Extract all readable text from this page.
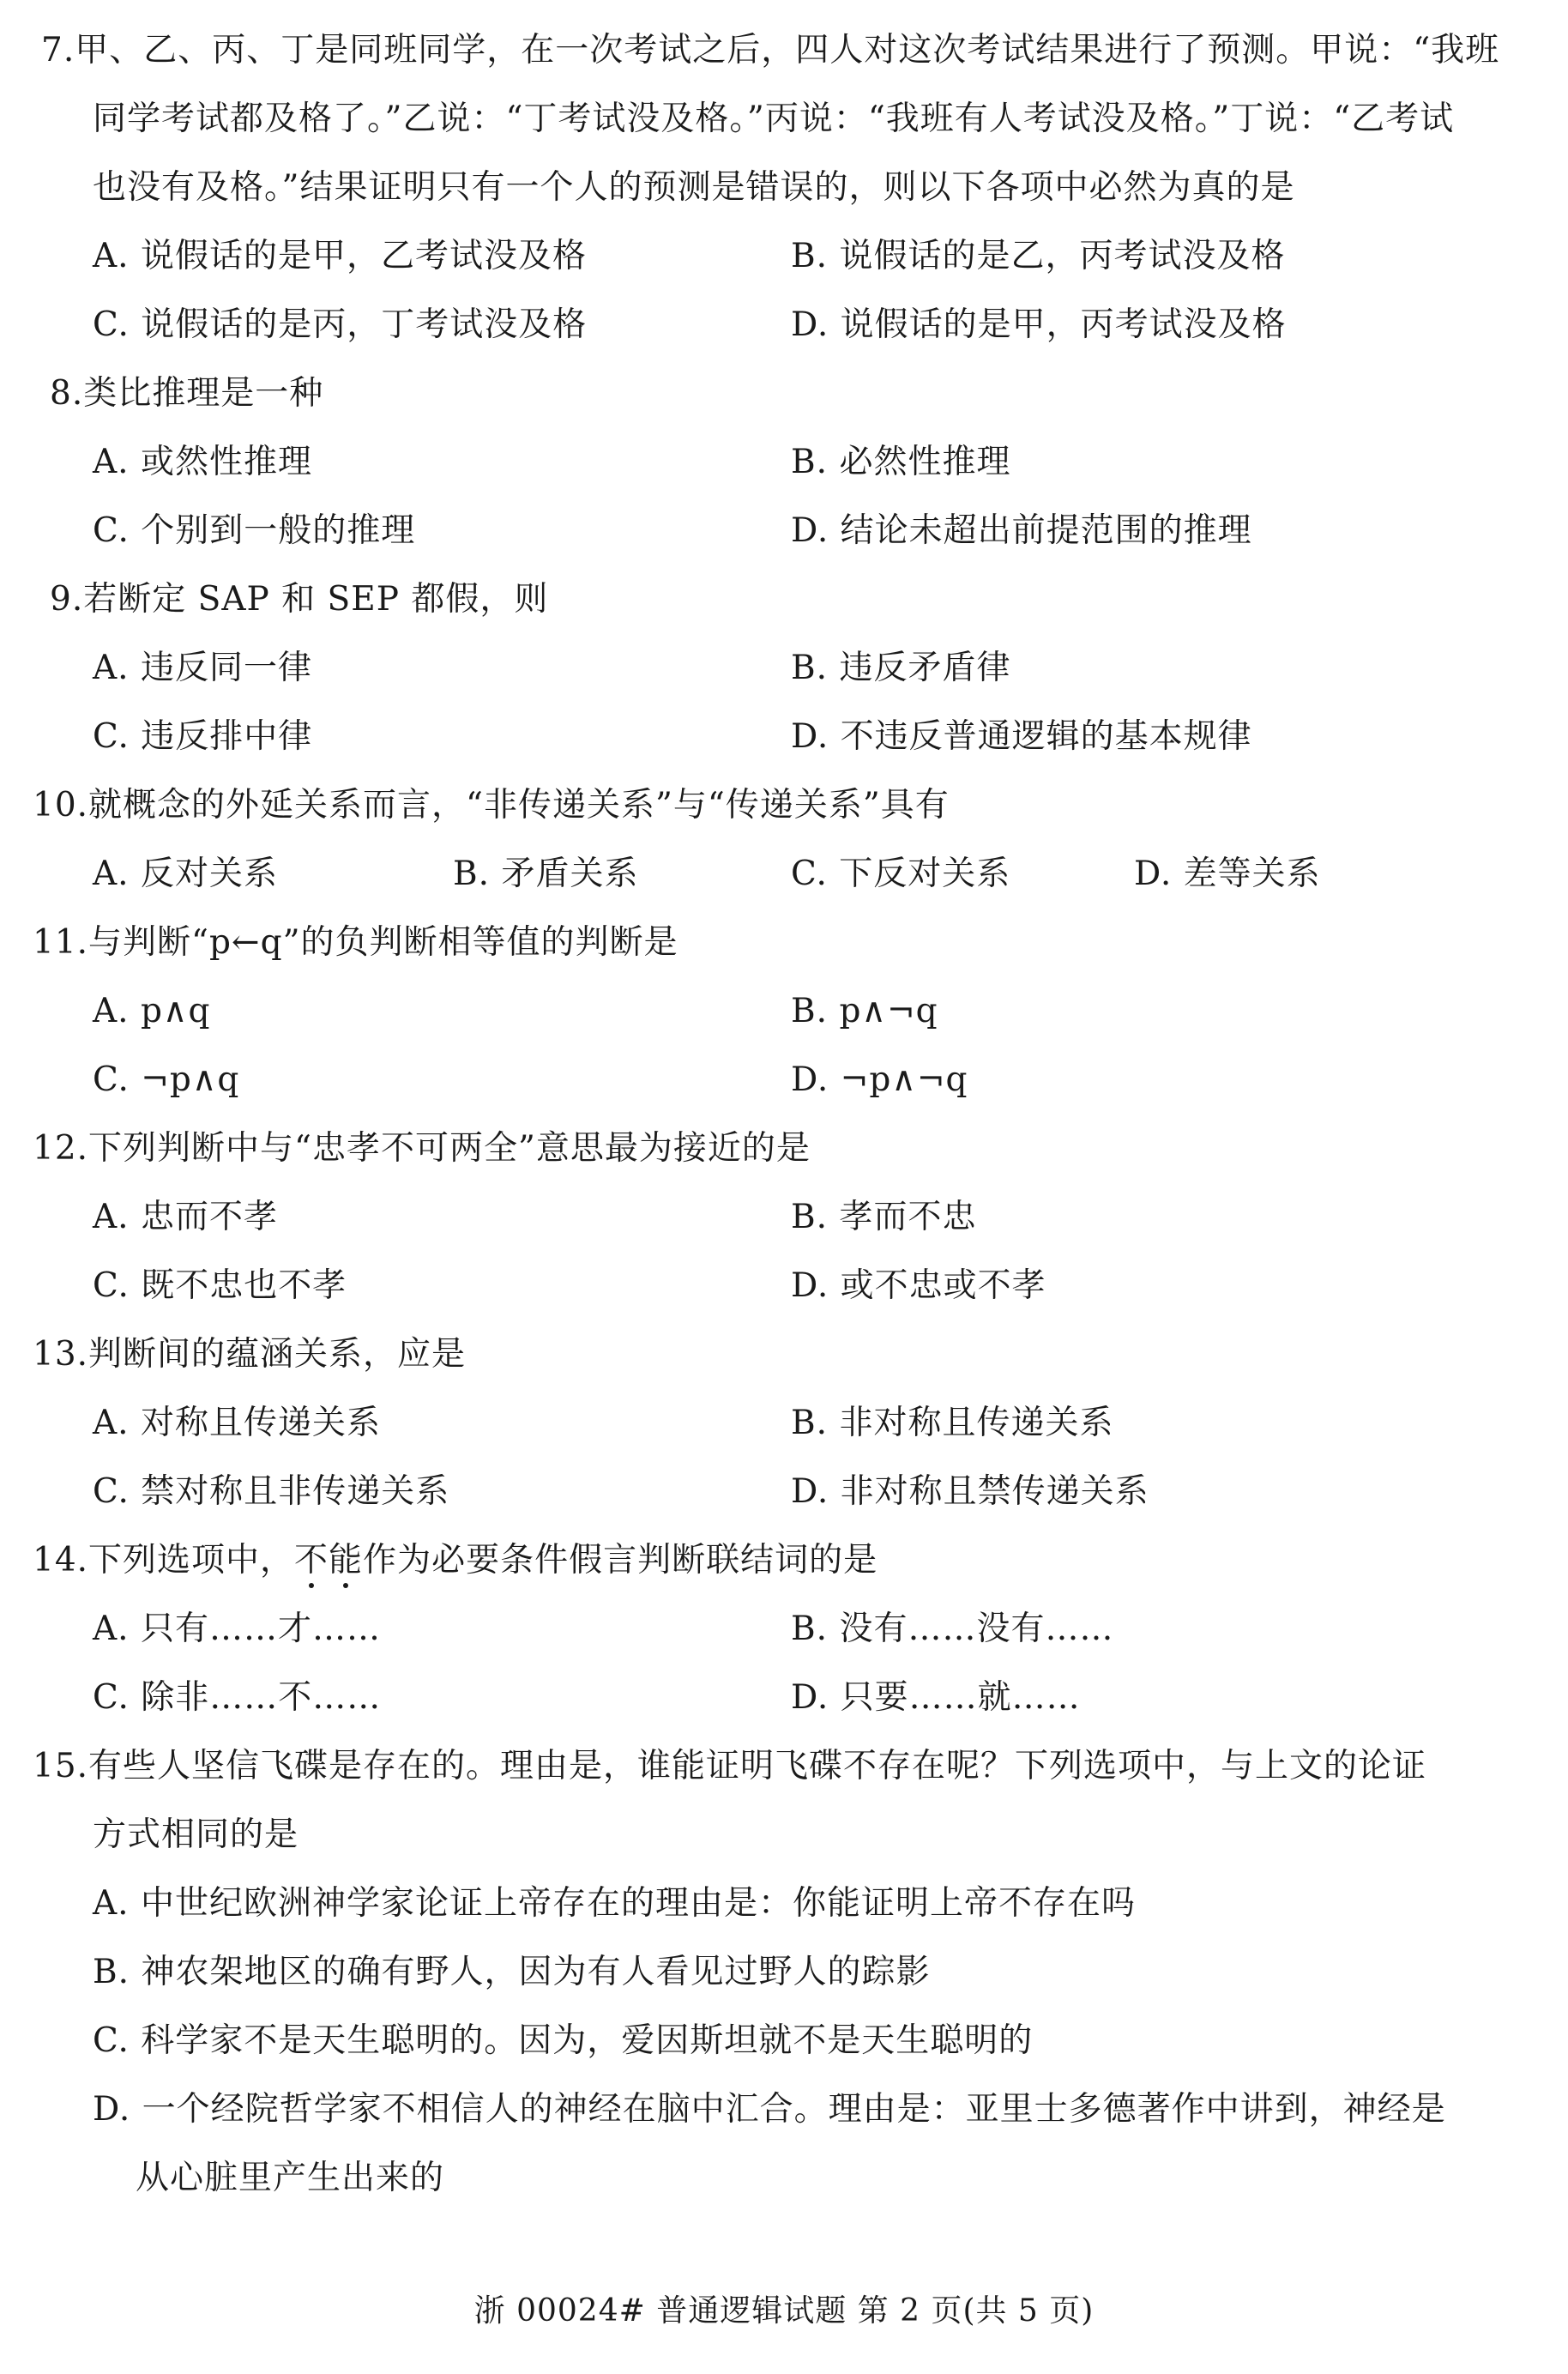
7.甲、乙、丙、丁是同班同学，在一次考试之后，四人对这次考试结果进行了预测。甲说：“我班
同学考试都及格了。”乙说：“丁考试没及格。”丙说：“我班有人考试没及格。”丁说：“乙考试
也没有及格。”结果证明只有一个人的预测是错误的，则以下各项中必然为真的是
A. 说假话的是甲，乙考试没及格	B. 说假话的是乙，丙考试没及格
C. 说假话的是丙，丁考试没及格	D. 说假话的是甲，丙考试没及格
8.类比推理是一种
A. 或然性推理	B. 必然性推理
C. 个别到一般的推理	D. 结论未超出前提范围的推理
9.若断定 SAP 和 SEP 都假，则
A. 违反同一律	B. 违反矛盾律
C. 违反排中律	D. 不违反普通逻辑的基本规律
10.就概念的外延关系而言，“非传递关系”与“传递关系”具有
A. 反对关系	B. 矛盾关系	C. 下反对关系	D. 差等关系
11.与判断“p←q”的负判断相等值的判断是
A. p∧q	B. p∧¬q
C. ¬p∧q	D. ¬p∧¬q
12.下列判断中与“忠孝不可两全”意思最为接近的是
A. 忠而不孝	B. 孝而不忠
C. 既不忠也不孝	D. 或不忠或不孝
13.判断间的蕴涵关系，应是
A. 对称且传递关系	B. 非对称且传递关系
C. 禁对称且非传递关系	D. 非对称且禁传递关系
14.下列选项中，不能作为必要条件假言判断联结词的是
A. 只有……才……	B. 没有……没有……
C. 除非……不……	D. 只要……就……
15.有些人坚信飞碟是存在的。理由是，谁能证明飞碟不存在呢？下列选项中，与上文的论证
方式相同的是
A. 中世纪欧洲神学家论证上帝存在的理由是：你能证明上帝不存在吗
B. 神农架地区的确有野人，因为有人看见过野人的踪影
C. 科学家不是天生聪明的。因为，爱因斯坦就不是天生聪明的
D. 一个经院哲学家不相信人的神经在脑中汇合。理由是：亚里士多德著作中讲到，神经是
从心脏里产生出来的
浙 00024# 普通逻辑试题 第 2 页(共 5 页)
